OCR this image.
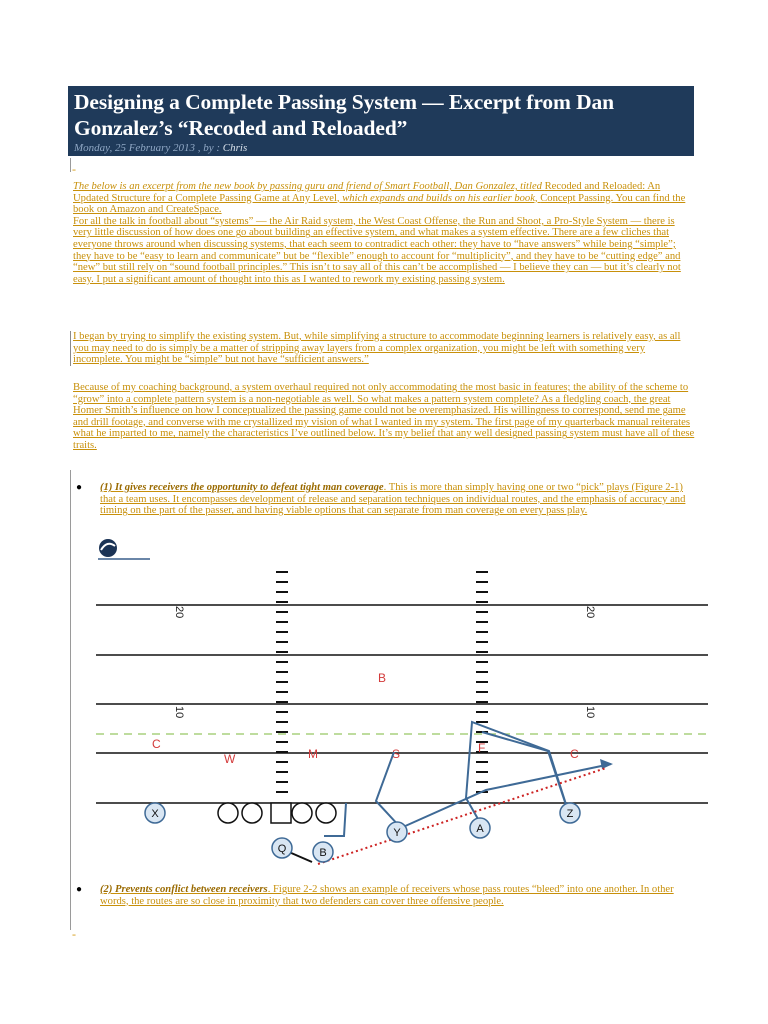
Designing a Complete Passing System — Excerpt from Dan Gonzalez’s “Recoded and Reloaded”
Monday, 25 February 2013 , by : Chris
-
The below is an excerpt from the new book by passing guru and friend of Smart Football, Dan Gonzalez, titled Recoded and Reloaded: An Updated Structure for a Complete Passing Game at Any Level, which expands and builds on his earlier book, Concept Passing. You can find the book on Amazon and CreateSpace.
For all the talk in football about “systems” — the Air Raid system, the West Coast Offense, the Run and Shoot, a Pro-Style System — there is very little discussion of how does one go about building an effective system, and what makes a system effective. There are a few cliches that everyone throws around when discussing systems, that each seem to contradict each other: they have to “have answers” while being “simple”; they have to be “easy to learn and communicate” but be “flexible” enough to account for “multiplicity”, and they have to be “cutting edge” and “new” but still rely on “sound football principles.” This isn’t to say all of this can’t be accomplished — I believe they can — but it’s clearly not easy. I put a significant amount of thought into this as I wanted to rework my existing passing system.
I began by trying to simplify the existing system. But, while simplifying a structure to accommodate beginning learners is relatively easy, as all you may need to do is simply be a matter of stripping away layers from a complex organization, you might be left with something very incomplete. You might be “simple” but not have “sufficient answers.”
Because of my coaching background, a system overhaul required not only accommodating the most basic in features; the ability of the scheme to “grow” into a complete pattern system is a non-negotiable as well. So what makes a pattern system complete? As a fledgling coach, the great Homer Smith’s influence on how I conceptualized the passing game could not be overemphasized. His willingness to correspond, send me game and drill footage, and converse with me crystallized my vision of what I wanted in my system. The first page of my quarterback manual reiterates what he imparted to me, namely the characteristics I’ve outlined below. It’s my belief that any well designed passing system must have all of these traits.
● (1) It gives receivers the opportunity to defeat tight man coverage. This is more than simply having one or two “pick” plays (Figure 2-1) that a team uses. It encompasses development of release and separation techniques on individual routes, and the emphasis of accuracy and timing on the part of the passer, and having viable options that can separate from man coverage on every pass play.
20	20
10	10
B
C
W	M	S	F	C
X
Y	A
Z
Q	B
● (2) Prevents conflict between receivers. Figure 2-2 shows an example of receivers whose pass routes “bleed” into one another. In other words, the routes are so close in proximity that two defenders can cover three offensive people.
-
